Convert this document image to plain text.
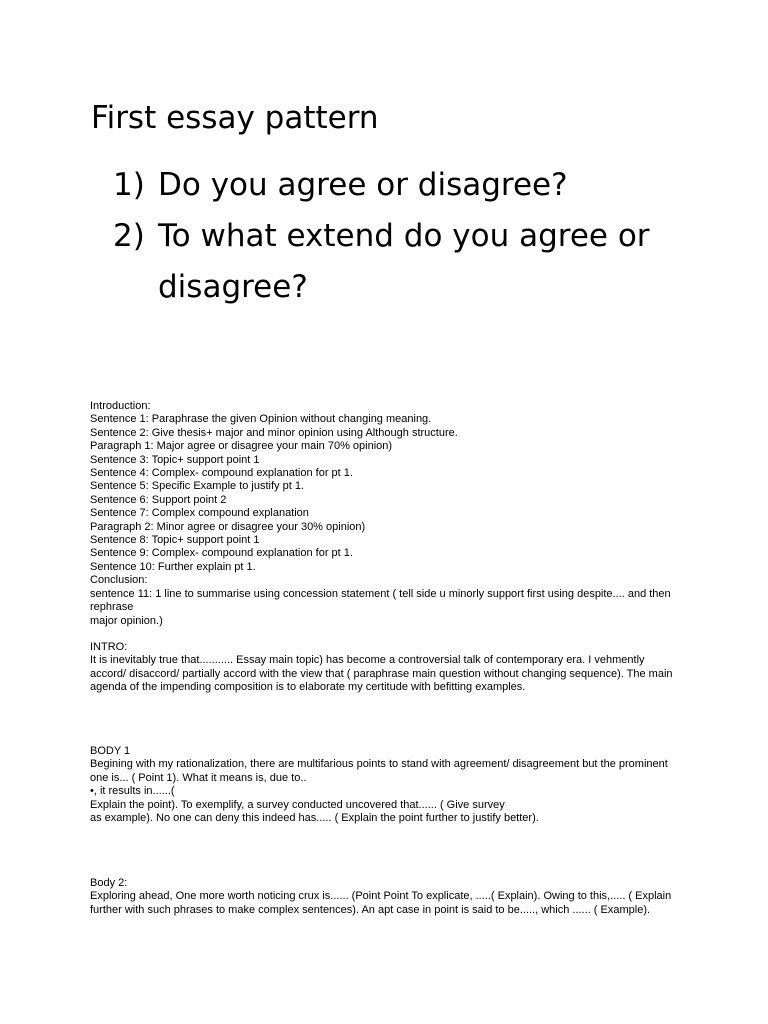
First essay pattern
1) Do you agree or disagree?
2) To what extend do you agree or disagree?
Introduction:
Sentence 1: Paraphrase the given Opinion without changing meaning.
Sentence 2: Give thesis+ major and minor opinion using Although structure.
Paragraph 1: Major agree or disagree your main 70% opinion)
Sentence 3: Topic+ support point 1
Sentence 4: Complex- compound explanation for pt 1.
Sentence 5: Specific Example to justify pt 1.
Sentence 6: Support point 2
Sentence 7: Complex compound explanation
Paragraph 2: Minor agree or disagree your 30% opinion)
Sentence 8: Topic+ support point 1
Sentence 9: Complex- compound explanation for pt 1.
Sentence 10: Further explain pt 1.
Conclusion:
sentence 11: 1 line to summarise using concession statement ( tell side u minorly support first using despite.... and then rephrase
major opinion.)
INTRO:
It is inevitably true that........... Essay main topic) has become a controversial talk of contemporary era. I vehmently accord/ disaccord/ partially accord with the view that ( paraphrase main question without changing sequence). The main agenda of the impending composition is to elaborate my certitude with befitting examples.
BODY 1
Begining with my rationalization, there are multifarious points to stand with agreement/ disagreement but the prominent one is... ( Point 1). What it means is, due to..
•, it results in......(
Explain the point). To exemplify, a survey conducted uncovered that...... ( Give survey
as example). No one can deny this indeed has..... ( Explain the point further to justify better).
Body 2:
Exploring ahead, One more worth noticing crux is...... (Point Point To explicate, .....( Explain). Owing to this,..... ( Explain further with such phrases to make complex sentences). An apt case in point is said to be....., which ...... ( Example).
